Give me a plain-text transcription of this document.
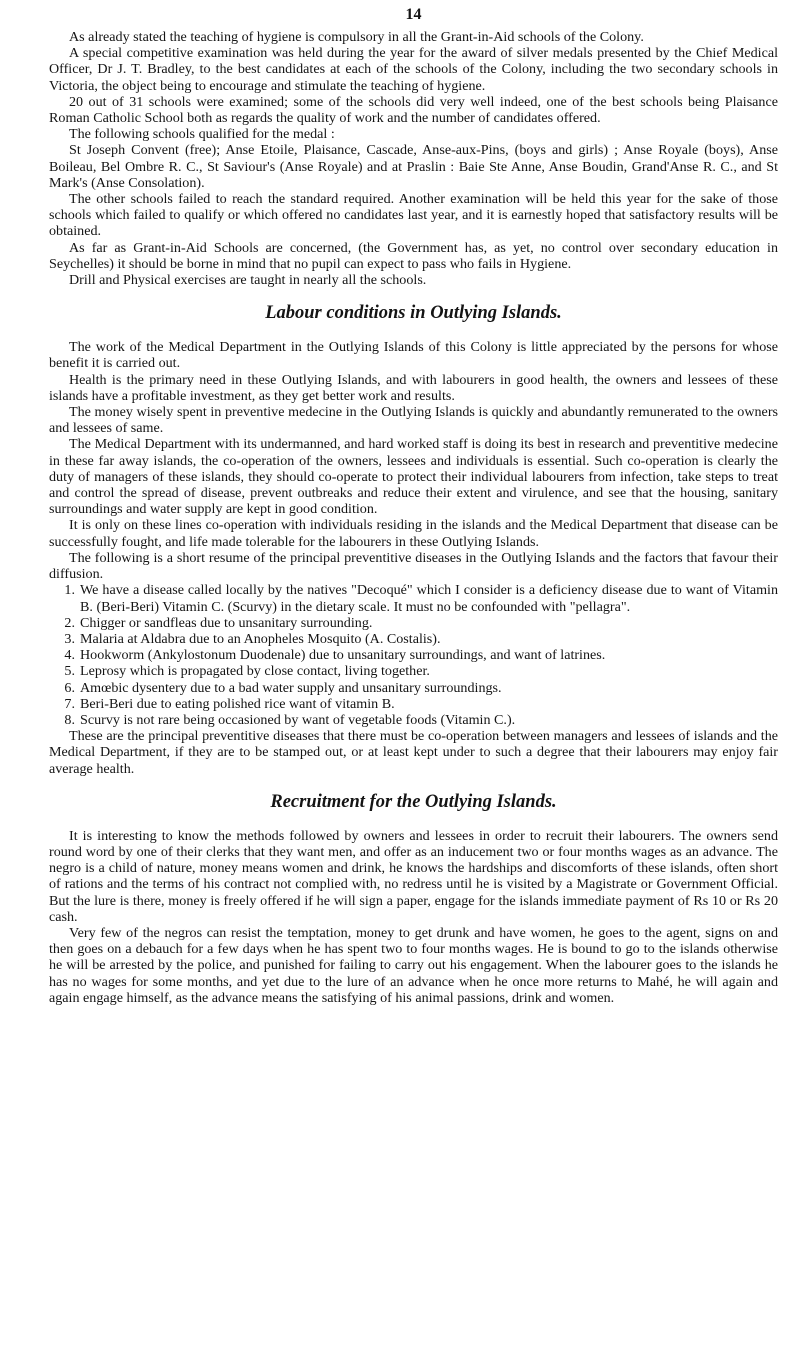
14

As already stated the teaching of hygiene is compulsory in all the Grant-in-Aid schools of the Colony.

A special competitive examination was held during the year for the award of silver medals presented by the Chief Medical Officer, Dr J. T. Bradley, to the best candidates at each of the schools of the Colony, including the two secondary schools in Victoria, the object being to encourage and stimulate the teaching of hygiene.

20 out of 31 schools were examined; some of the schools did very well indeed, one of the best schools being Plaisance Roman Catholic School both as regards the quality of work and the number of candidates offered.

The following schools qualified for the medal :

St Joseph Convent (free); Anse Etoile, Plaisance, Cascade, Anse-aux-Pins, (boys and girls) ; Anse Royale (boys), Anse Boileau, Bel Ombre R. C., St Saviour's (Anse Royale) and at Praslin : Baie Ste Anne, Anse Boudin, Grand'Anse R. C., and St Mark's (Anse Consolation).

The other schools failed to reach the standard required. Another examination will be held this year for the sake of those schools which failed to qualify or which offered no candidates last year, and it is earnestly hoped that satisfactory results will be obtained.

As far as Grant-in-Aid Schools are concerned, (the Government has, as yet, no control over secondary education in Seychelles) it should be borne in mind that no pupil can expect to pass who fails in Hygiene.

Drill and Physical exercises are taught in nearly all the schools.

Labour conditions in Outlying Islands.

The work of the Medical Department in the Outlying Islands of this Colony is little appreciated by the persons for whose benefit it is carried out.

Health is the primary need in these Outlying Islands, and with labourers in good health, the owners and lessees of these islands have a profitable investment, as they get better work and results.

The money wisely spent in preventive medecine in the Outlying Islands is quickly and abundantly remunerated to the owners and lessees of same.

The Medical Department with its undermanned, and hard worked staff is doing its best in research and preventitive medecine in these far away islands, the co-operation of the owners, lessees and individuals is essential. Such co-operation is clearly the duty of managers of these islands, they should co-operate to protect their individual labourers from infection, take steps to treat and control the spread of disease, prevent outbreaks and reduce their extent and virulence, and see that the housing, sanitary surroundings and water supply are kept in good condition.

It is only on these lines co-operation with individuals residing in the islands and the Medical Department that disease can be successfully fought, and life made tolerable for the labourers in these Outlying Islands.

The following is a short resume of the principal preventitive diseases in the Outlying Islands and the factors that favour their diffusion.

1. We have a disease called locally by the natives "Decoqué" which I consider is a deficiency disease due to want of Vitamin B. (Beri-Beri) Vitamin C. (Scurvy) in the dietary scale. It must no be confounded with "pellagra".
2. Chigger or sandfleas due to unsanitary surrounding.
3. Malaria at Aldabra due to an Anopheles Mosquito (A. Costalis).
4. Hookworm (Ankylostonum Duodenale) due to unsanitary surroundings, and want of latrines.
5. Leprosy which is propagated by close contact, living together.
6. Amœbic dysentery due to a bad water supply and unsanitary surroundings.
7. Beri-Beri due to eating polished rice want of vitamin B.
8. Scurvy is not rare being occasioned by want of vegetable foods (Vitamin C.).

These are the principal preventitive diseases that there must be co-operation between managers and lessees of islands and the Medical Department, if they are to be stamped out, or at least kept under to such a degree that their labourers may enjoy fair average health.

Recruitment for the Outlying Islands.

It is interesting to know the methods followed by owners and lessees in order to recruit their labourers. The owners send round word by one of their clerks that they want men, and offer as an inducement two or four months wages as an advance. The negro is a child of nature, money means women and drink, he knows the hardships and discomforts of these islands, often short of rations and the terms of his contract not complied with, no redress until he is visited by a Magistrate or Government Official. But the lure is there, money is freely offered if he will sign a paper, engage for the islands immediate payment of Rs 10 or Rs 20 cash.

Very few of the negros can resist the temptation, money to get drunk and have women, he goes to the agent, signs on and then goes on a debauch for a few days when he has spent two to four months wages. He is bound to go to the islands otherwise he will be arrested by the police, and punished for failing to carry out his engagement. When the labourer goes to the islands he has no wages for some months, and yet due to the lure of an advance when he once more returns to Mahé, he will again and again engage himself, as the advance means the satisfying of his animal passions, drink and women.
